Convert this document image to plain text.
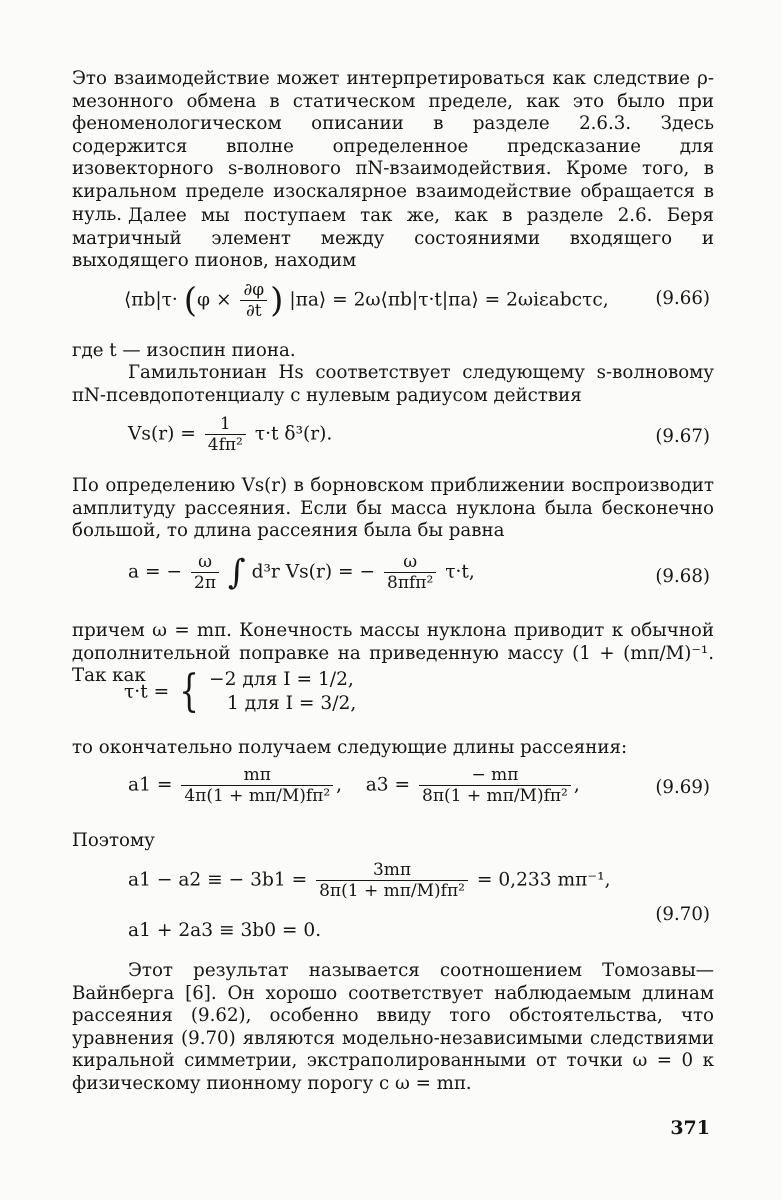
Это взаимодействие может интерпретироваться как следствие ρ-мезонного обмена в статическом пределе, как это было при феноменологическом описании в разделе 2.6.3. Здесь содержится вполне определенное предсказание для изовекторного s-волнового πN-взаимодействия. Кроме того, в киральном пределе изоскалярное взаимодействие обращается в нуль. Далее мы поступаем так же, как в разделе 2.6. Беря матричный элемент между состояниями входящего и выходящего пионов, находим
⟨πb|τ· ($\varphi \times \frac{\partial\varphi}{\partial t}$ ) |πa⟩ = 2ω⟨πb|τ·t|πa⟩ = 2ωiεabcτc,	(9.66)
где t — изоспин пиона.
Гамильтониан Hs соответствует следующему s-волновому πN-псевдопотенциалу с нулевым радиусом действия
$Vs(r) = \frac{1}{\text{4fπ²}} \tau\cdot t$ δ³(r).	(9.67)
По определению Vs(r) в борновском приближении воспроизводит амплитуду рассеяния. Если бы масса нуклона была бесконечно большой, то длина рассеяния была бы равна
a = − $\frac{\omega}{2\pi}$ ∫ d³r Vs(r) = − $\frac{\omega}{\text{8πfπ²}} \tau\cdot t$,	(9.68)
причем ω = mπ. Конечность массы нуклона приводит к обычной дополнительной поправке на приведенную массу (1 + (mπ/M)⁻¹. Так как
τ·t = { −2 для I = 1/2,
1 для I = 3/2,
то окончательно получаем следующие длины рассеяния:
$a1 = \frac{m\pi}{\text{4π(1 + mπ/M)fπ²}}$ ,    $a3 = \frac{- m\pi}{\text{8π(1 + mπ/M)fπ²}}$ ,	(9.69)
Поэтому
a1 − a2 ≡ − $3b1 = \frac{3m\pi}{\text{8π(1 + mπ/M)fπ²}} = 0,233$ mπ⁻¹,
a1 + 2a3 ≡ 3b0 = 0.
(9.70)
Этот результат называется соотношением Томозавы—Вайнберга [6]. Он хорошо соответствует наблюдаемым длинам рассеяния (9.62), особенно ввиду того обстоятельства, что уравнения (9.70) являются модельно-независимыми следствиями киральной симметрии, экстраполированными от точки ω = 0 к физическому пионному порогу с ω = mπ.
371
